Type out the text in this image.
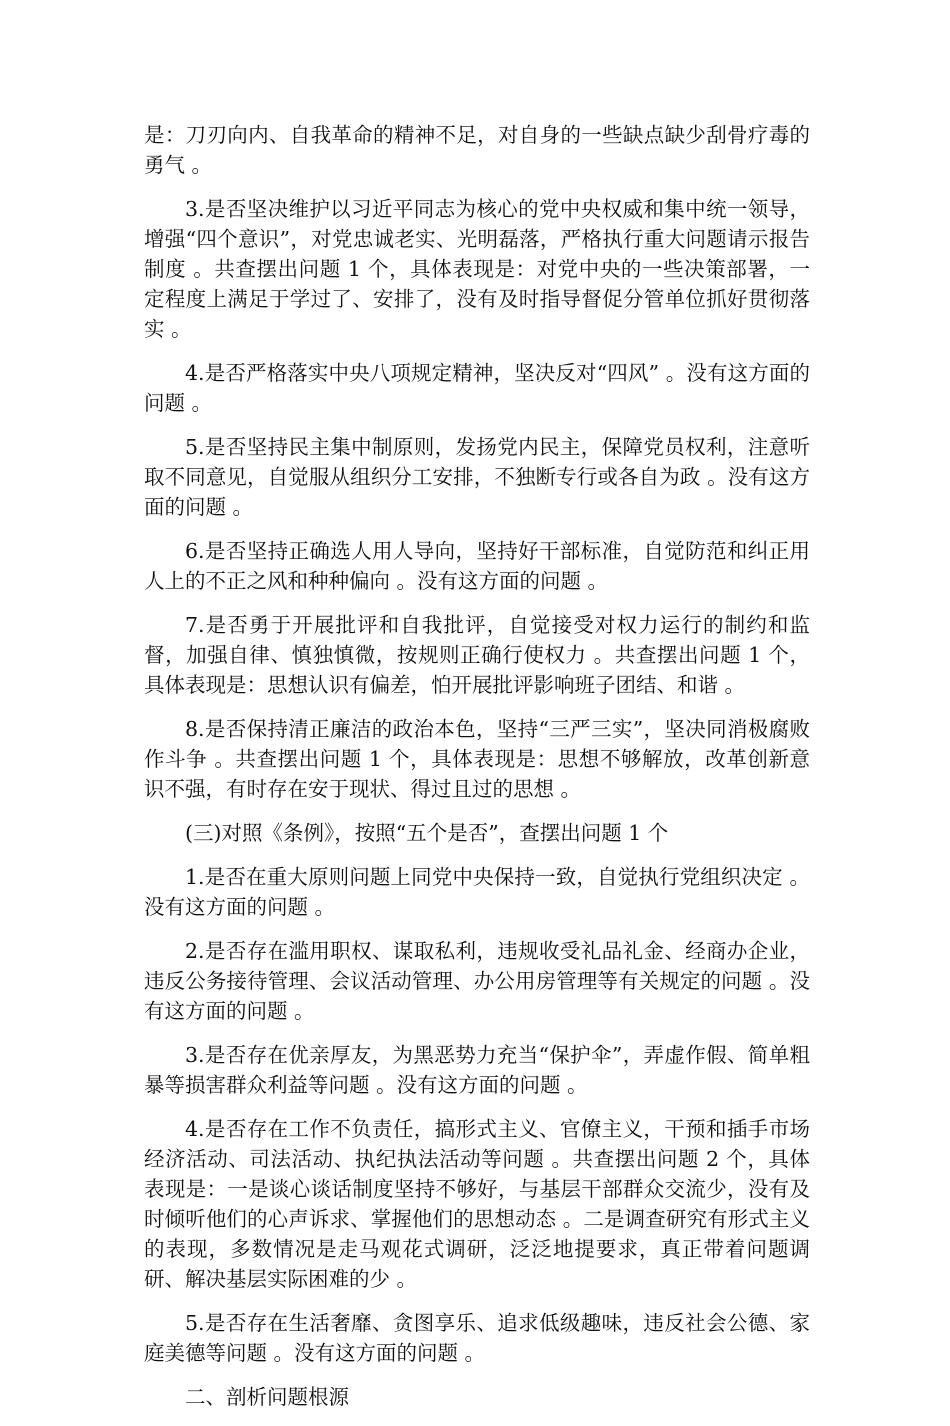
是：刀刃向内、自我革命的精神不足，对自身的一些缺点缺少刮骨疗毒的勇气 。

3.是否坚决维护以习近平同志为核心的党中央权威和集中统一领导，增强“四个意识”，对党忠诚老实、光明磊落，严格执行重大问题请示报告制度 。共查摆出问题 1 个，具体表现是：对党中央的一些决策部署，一定程度上满足于学过了、安排了，没有及时指导督促分管单位抓好贯彻落实 。

4.是否严格落实中央八项规定精神，坚决反对“四风” 。没有这方面的问题 。

5.是否坚持民主集中制原则，发扬党内民主，保障党员权利，注意听取不同意见，自觉服从组织分工安排，不独断专行或各自为政 。没有这方面的问题 。

6.是否坚持正确选人用人导向，坚持好干部标准，自觉防范和纠正用人上的不正之风和种种偏向 。没有这方面的问题 。

7.是否勇于开展批评和自我批评，自觉接受对权力运行的制约和监督，加强自律、慎独慎微，按规则正确行使权力 。共查摆出问题 1 个，具体表现是：思想认识有偏差，怕开展批评影响班子团结、和谐 。

8.是否保持清正廉洁的政治本色，坚持“三严三实”，坚决同消极腐败作斗争 。共查摆出问题 1 个，具体表现是：思想不够解放，改革创新意识不强，有时存在安于现状、得过且过的思想 。

(三)对照《条例》，按照“五个是否”，查摆出问题 1 个

1.是否在重大原则问题上同党中央保持一致，自觉执行党组织决定 。没有这方面的问题 。

2.是否存在滥用职权、谋取私利，违规收受礼品礼金、经商办企业，违反公务接待管理、会议活动管理、办公用房管理等有关规定的问题 。没有这方面的问题 。

3.是否存在优亲厚友，为黑恶势力充当“保护伞”，弄虚作假、简单粗暴等损害群众利益等问题 。没有这方面的问题 。

4.是否存在工作不负责任，搞形式主义、官僚主义，干预和插手市场经济活动、司法活动、执纪执法活动等问题 。共查摆出问题 2 个，具体表现是：一是谈心谈话制度坚持不够好，与基层干部群众交流少，没有及时倾听他们的心声诉求、掌握他们的思想动态 。二是调查研究有形式主义的表现，多数情况是走马观花式调研，泛泛地提要求，真正带着问题调研、解决基层实际困难的少 。

5.是否存在生活奢靡、贪图享乐、追求低级趣味，违反社会公德、家庭美德等问题 。没有这方面的问题 。

二、剖析问题根源
